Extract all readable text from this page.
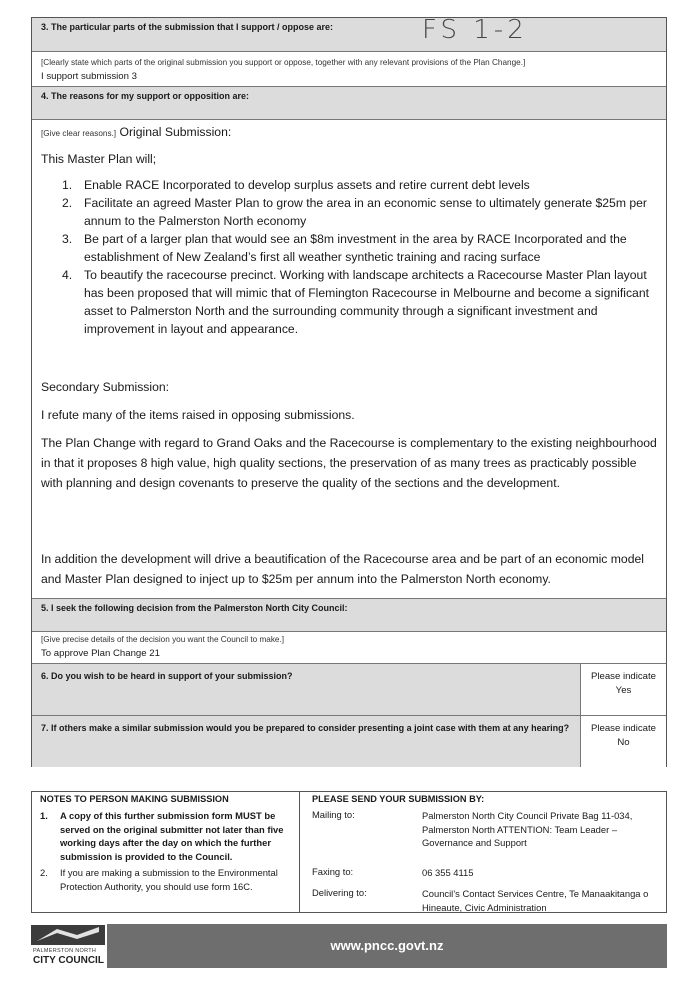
3. The particular parts of the submission that I support / oppose are:	FS 1-2
[Clearly state which parts of the original submission you support or oppose, together with any relevant provisions of the Plan Change.]
I support submission 3
4. The reasons for my support or opposition are:
[Give clear reasons.] Original Submission:
This Master Plan will;
1. Enable RACE Incorporated to develop surplus assets and retire current debt levels
2. Facilitate an agreed Master Plan to grow the area in an economic sense to ultimately generate $25m per annum to the Palmerston North economy
3. Be part of a larger plan that would see an $8m investment in the area by RACE Incorporated and the establishment of New Zealand’s first all weather synthetic training and racing surface
4. To beautify the racecourse precinct. Working with landscape architects a Racecourse Master Plan layout has been proposed that will mimic that of Flemington Racecourse in Melbourne and become a significant asset to Palmerston North and the surrounding community through a significant investment and improvement in layout and appearance.
Secondary Submission:
I refute many of the items raised in opposing submissions.
The Plan Change with regard to Grand Oaks and the Racecourse is complementary to the existing neighbourhood in that it proposes 8 high value, high quality sections, the preservation of as many trees as practicably possible with planning and design covenants to preserve the quality of the sections and the development.
In addition the development will drive a beautification of the Racecourse area and be part of an economic model and Master Plan designed to inject up to $25m per annum into the Palmerston North economy.
5. I seek the following decision from the Palmerston North City Council:
[Give precise details of the decision you want the Council to make.]
To approve Plan Change 21
6. Do you wish to be heard in support of your submission?	Please indicate
Yes
7. If others make a similar submission would you be prepared to consider presenting a joint case with them at any hearing?	Please indicate
No
NOTES TO PERSON MAKING SUBMISSION
1.	A copy of this further submission form MUST be served on the original submitter not later than five working days after the day on which the further submission is provided to the Council.
2.	If you are making a submission to the Environmental Protection Authority, you should use form 16C.
PLEASE SEND YOUR SUBMISSION BY:
Mailing to:	Palmerston North City Council Private Bag 11-034, Palmerston North ATTENTION: Team Leader – Governance and Support
Faxing to:	06 355 4115
Delivering to:	Council’s Contact Services Centre, Te Manaakitanga o Hineaute, Civic Administration
PALMERSTON NORTH
CITY COUNCIL
www.pncc.govt.nz
